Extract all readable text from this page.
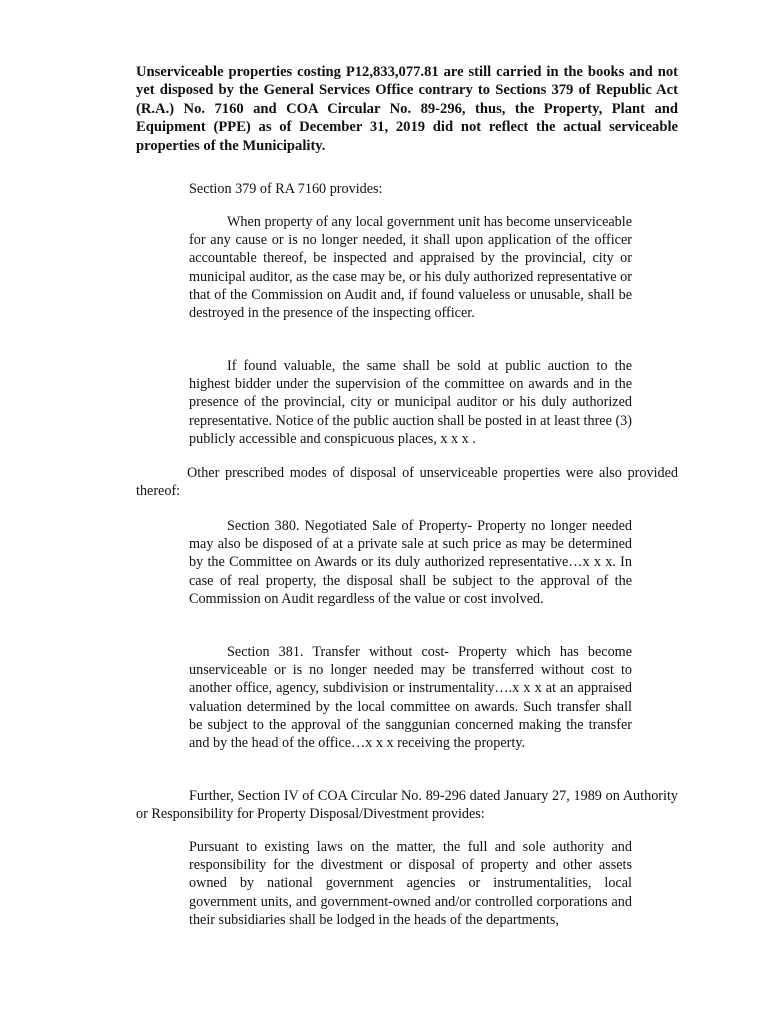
Unserviceable properties costing P12,833,077.81 are still carried in the books and not yet disposed by the General Services Office contrary to Sections 379 of Republic Act (R.A.) No. 7160 and COA Circular No. 89-296, thus, the Property, Plant and Equipment (PPE) as of December 31, 2019 did not reflect the actual serviceable properties of the Municipality.

Section 379 of RA 7160 provides:

When property of any local government unit has become unserviceable for any cause or is no longer needed, it shall upon application of the officer accountable thereof, be inspected and appraised by the provincial, city or municipal auditor, as the case may be, or his duly authorized representative or that of the Commission on Audit and, if found valueless or unusable, shall be destroyed in the presence of the inspecting officer.

If found valuable, the same shall be sold at public auction to the highest bidder under the supervision of the committee on awards and in the presence of the provincial, city or municipal auditor or his duly authorized representative. Notice of the public auction shall be posted in at least three (3) publicly accessible and conspicuous places, x x x .

Other prescribed modes of disposal of unserviceable properties were also provided thereof:

Section 380. Negotiated Sale of Property- Property no longer needed may also be disposed of at a private sale at such price as may be determined by the Committee on Awards or its duly authorized representative…x x x. In case of real property, the disposal shall be subject to the approval of the Commission on Audit regardless of the value or cost involved.

Section 381. Transfer without cost- Property which has become unserviceable or is no longer needed may be transferred without cost to another office, agency, subdivision or instrumentality….x x x at an appraised valuation determined by the local committee on awards. Such transfer shall be subject to the approval of the sanggunian concerned making the transfer and by the head of the office…x x x receiving the property.

Further, Section IV of COA Circular No. 89-296 dated January 27, 1989 on Authority or Responsibility for Property Disposal/Divestment provides:

Pursuant to existing laws on the matter, the full and sole authority and responsibility for the divestment or disposal of property and other assets owned by national government agencies or instrumentalities, local government units, and government-owned and/or controlled corporations and their subsidiaries shall be lodged in the heads of the departments,
